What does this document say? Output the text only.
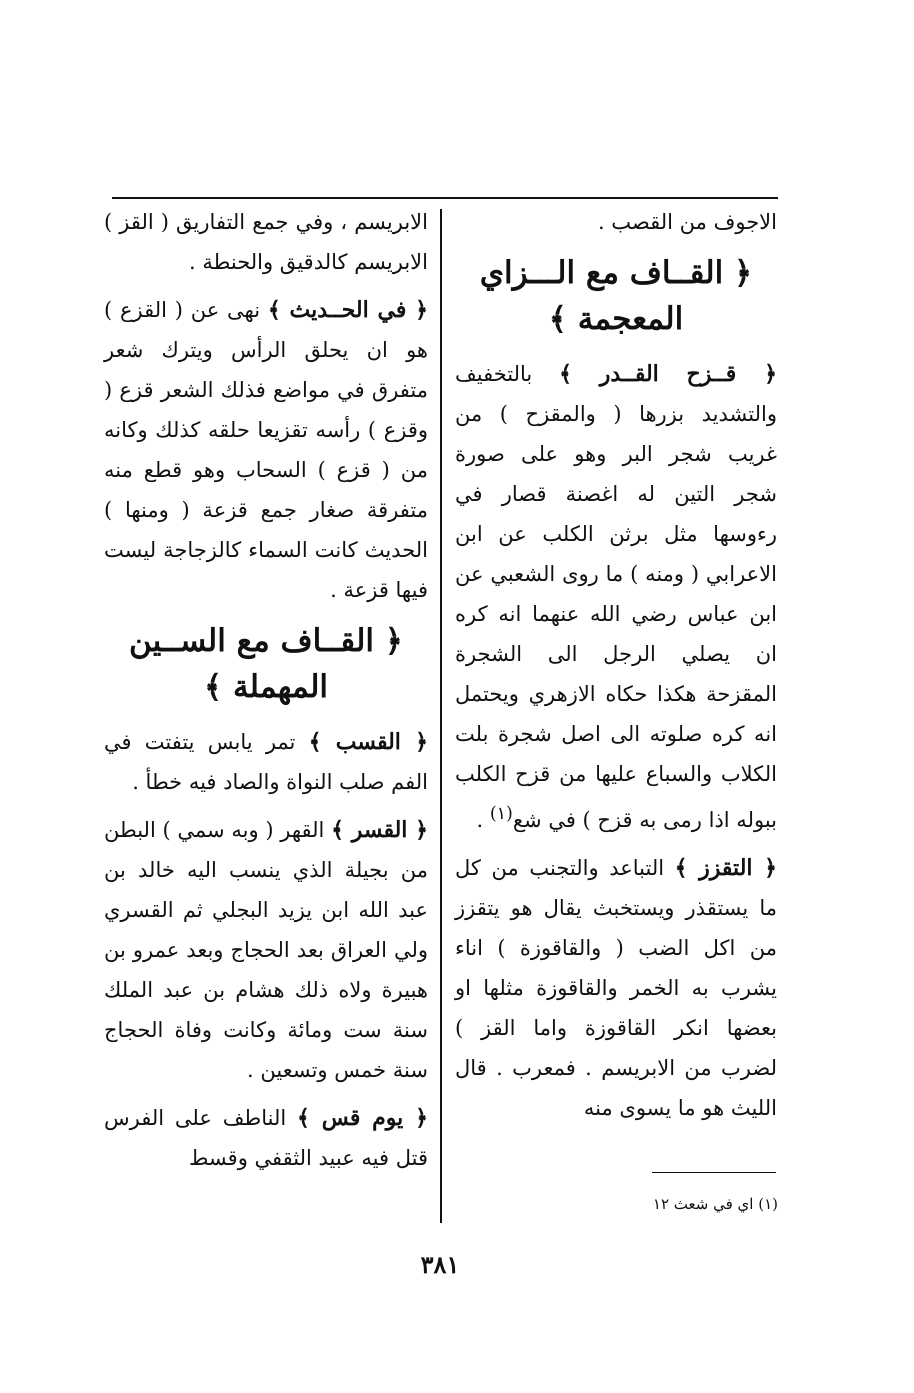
الاجوف من القصب .

﴿ القــاف مع الـــزاي المعجمة ﴾

﴿ قــزح القــدر ﴾ بالتخفيف والتشديد بزرها ( والمقزح ) من غريب شجر البر وهو على صورة شجر التين له اغصنة قصار في رءوسها مثل برثن الكلب عن ابن الاعرابي ( ومنه ) ما روى الشعبي عن ابن عباس رضي الله عنهما انه كره ان يصلي الرجل الى الشجرة المقزحة هكذا حكاه الازهري ويحتمل انه كره صلوته الى اصل شجرة بلت الكلاب والسباع عليها من قزح الكلب ببوله اذا رمى به قزح ) في شع$^{(١)}$ .

﴿ التقزز ﴾ التباعد والتجنب من كل ما يستقذر ويستخبث يقال هو يتقزز من اكل الضب ( والقاقوزة ) اناء يشرب به الخمر والقاقوزة مثلها او بعضها انكر القاقوزة واما القز ) لضرب من الابريسم . فمعرب . قال الليث هو ما يسوى منه

الابريسم ، وفي جمع التفاريق ( القز ) الابريسم كالدقيق والحنطة .

﴿ في الحــديث ﴾ نهى عن ( القزع ) هو ان يحلق الرأس ويترك شعر متفرق في مواضع فذلك الشعر قزع ( وقزع ) رأسه تقزيعا حلقه كذلك وكانه من ( قزع ) السحاب وهو قطع منه متفرقة صغار جمع قزعة ( ومنها ) الحديث كانت السماء كالزجاجة ليست فيها قزعة .

﴿ القــاف مع الســين المهملة ﴾

﴿ القسب ﴾ تمر يابس يتفتت في الفم صلب النواة والصاد فيه خطأ .

﴿ القسر ﴾ القهر ( وبه سمي ) البطن من بجيلة الذي ينسب اليه خالد بن عبد الله ابن يزيد البجلي ثم القسري ولي العراق بعد الحجاج وبعد عمرو بن هبيرة ولاه ذلك هشام بن عبد الملك سنة ست ومائة وكانت وفاة الحجاج سنة خمس وتسعين .

﴿ يوم قس ﴾ الناطف على الفرس قتل فيه عبيد الثقفي وقسط

(١) اي في شعث ١٢
٣٨١
